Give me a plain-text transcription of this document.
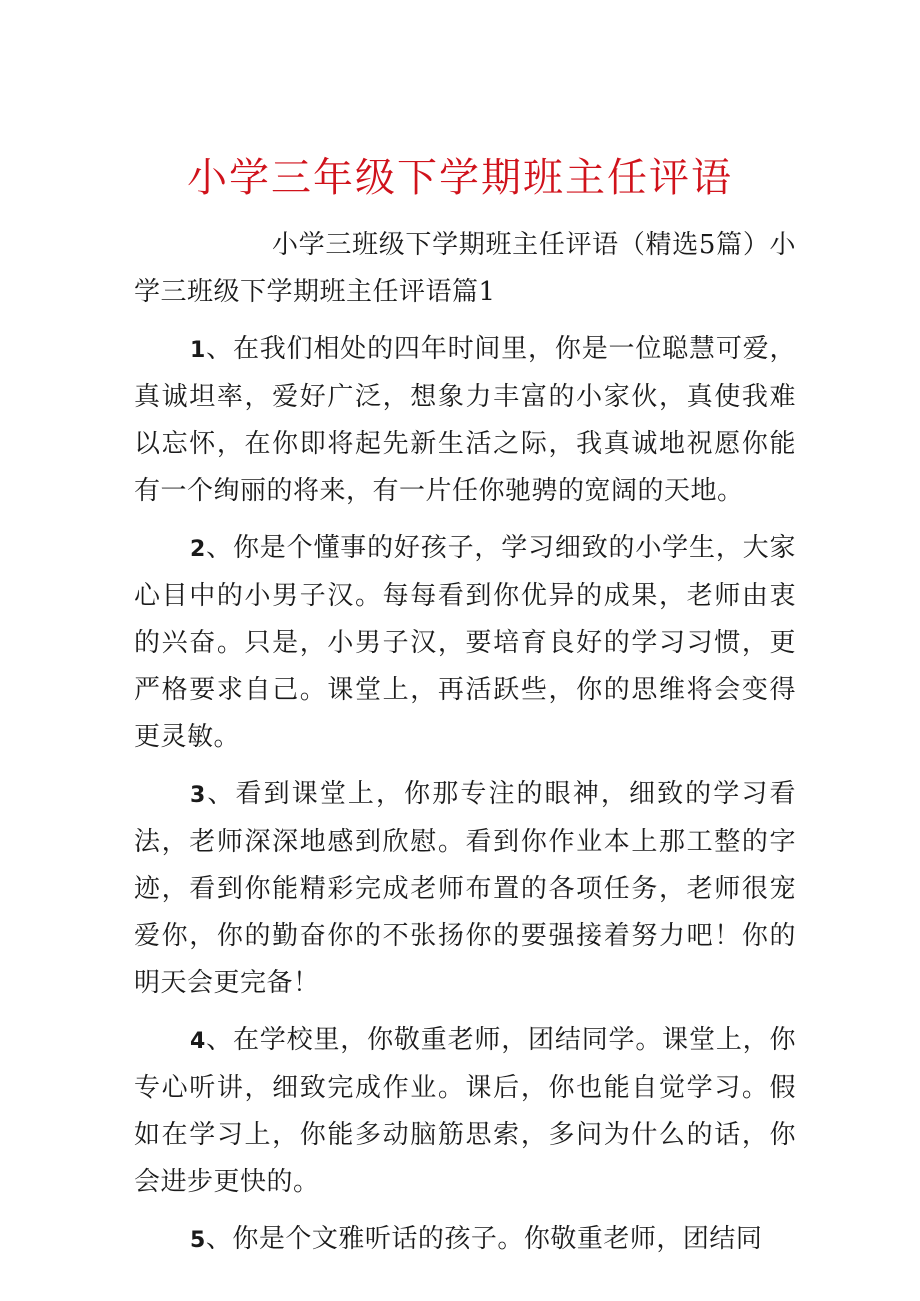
小学三年级下学期班主任评语

小学三班级下学期班主任评语（精选5篇）小学三班级下学期班主任评语篇1

1、在我们相处的四年时间里，你是一位聪慧可爱，真诚坦率，爱好广泛，想象力丰富的小家伙，真使我难以忘怀，在你即将起先新生活之际，我真诚地祝愿你能有一个绚丽的将来，有一片任你驰骋的宽阔的天地。

2、你是个懂事的好孩子，学习细致的小学生，大家心目中的小男子汉。每每看到你优异的成果，老师由衷的兴奋。只是，小男子汉，要培育良好的学习习惯，更严格要求自己。课堂上，再活跃些，你的思维将会变得更灵敏。

3、看到课堂上，你那专注的眼神，细致的学习看法，老师深深地感到欣慰。看到你作业本上那工整的字迹，看到你能精彩完成老师布置的各项任务，老师很宠爱你，你的勤奋你的不张扬你的要强接着努力吧！你的明天会更完备！

4、在学校里，你敬重老师，团结同学。课堂上，你专心听讲，细致完成作业。课后，你也能自觉学习。假如在学习上，你能多动脑筋思索，多问为什么的话，你会进步更快的。

5、你是个文雅听话的孩子。你敬重老师，团结同
